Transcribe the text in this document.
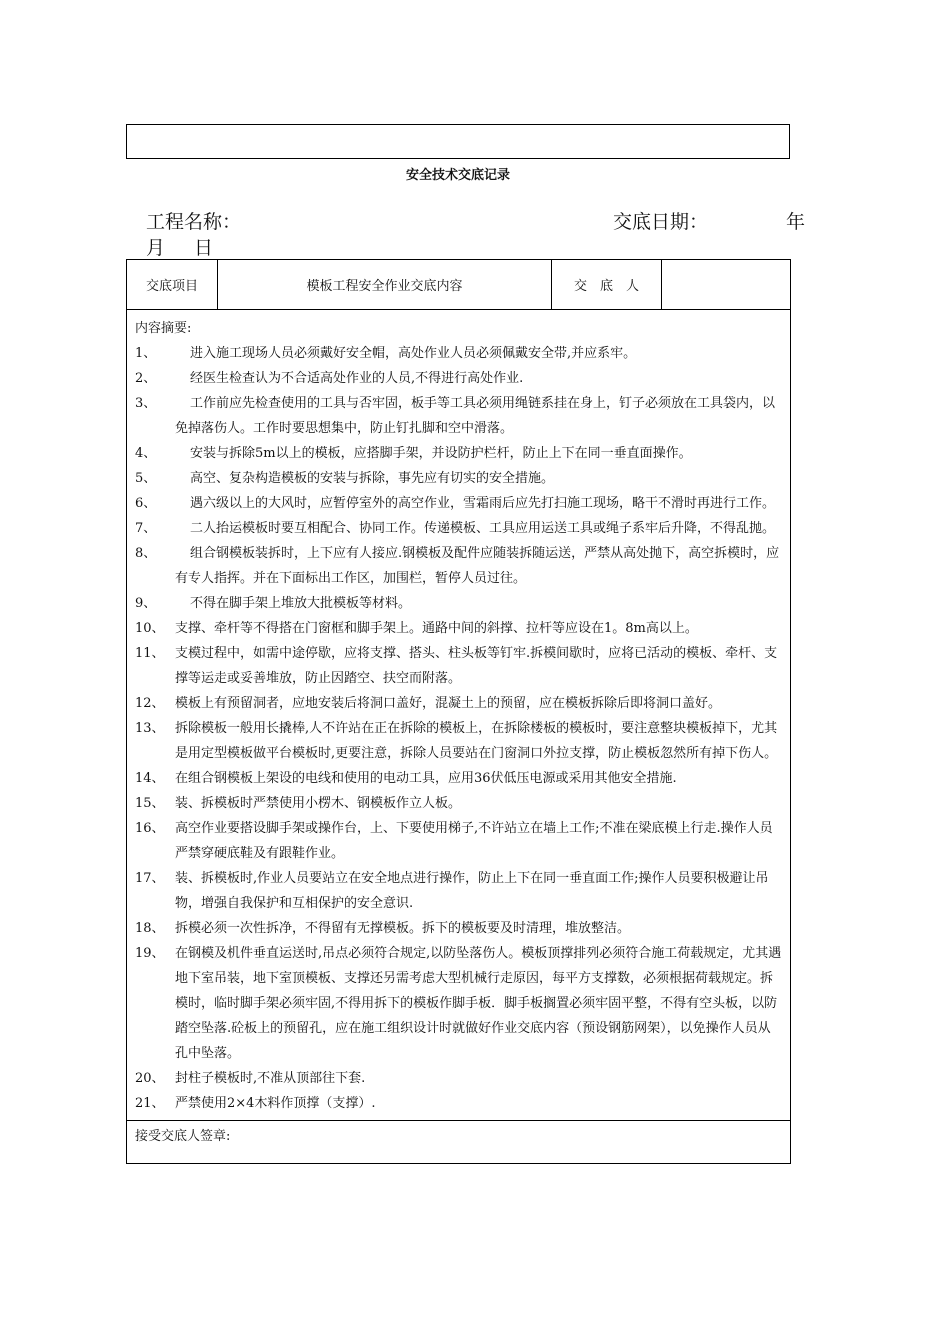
安全技术交底记录
工程名称：	交底日期：	年
月 日
交底项目	模板工程安全作业交底内容	交　底　人	

内容摘要:
1、	进入施工现场人员必须戴好安全帽，高处作业人员必须佩戴安全带,并应系牢。
2、	经医生检查认为不合适高处作业的人员,不得进行高处作业.
3、	工作前应先检查使用的工具与否牢固，板手等工具必须用绳链系挂在身上，钉子必须放在工具袋内，以免掉落伤人。工作时要思想集中，防止钉扎脚和空中滑落。
4、	安装与拆除5m以上的模板，应搭脚手架，并设防护栏杆，防止上下在同一垂直面操作。
5、	高空、复杂构造模板的安装与拆除，事先应有切实的安全措施。
6、	遇六级以上的大风时，应暂停室外的高空作业，雪霜雨后应先打扫施工现场，略干不滑时再进行工作。
7、	二人抬运模板时要互相配合、协同工作。传递模板、工具应用运送工具或绳子系牢后升降，不得乱抛。
8、	组合钢模板装拆时，上下应有人接应.钢模板及配件应随装拆随运送，严禁从高处抛下，高空拆模时，应有专人指挥。并在下面标出工作区，加围栏，暂停人员过往。
9、	不得在脚手架上堆放大批模板等材料。
10、 支撑、牵杆等不得搭在门窗框和脚手架上。通路中间的斜撑、拉杆等应设在1。8m高以上。
11、 支模过程中，如需中途停歇，应将支撑、搭头、柱头板等钉牢.拆模间歇时，应将已活动的模板、牵杆、支撑等运走或妥善堆放，防止因踏空、扶空而附落。
12、 模板上有预留洞者，应地安装后将洞口盖好，混凝土上的预留，应在模板拆除后即将洞口盖好。
13、 拆除模板一般用长撬棒,人不许站在正在拆除的模板上，在拆除楼板的模板时，要注意整块模板掉下，尤其是用定型模板做平台模板时,更要注意，拆除人员要站在门窗洞口外拉支撑，防止模板忽然所有掉下伤人。
14、 在组合钢模板上架设的电线和使用的电动工具，应用36伏低压电源或采用其他安全措施.
15、 装、拆模板时严禁使用小楞木、钢模板作立人板。
16、 高空作业要搭设脚手架或操作台，上、下要使用梯子,不许站立在墙上工作;不准在梁底模上行走.操作人员严禁穿硬底鞋及有跟鞋作业。
17、 装、拆模板时,作业人员要站立在安全地点进行操作，防止上下在同一垂直面工作;操作人员要积极避让吊物，增强自我保护和互相保护的安全意识.
18、 拆模必须一次性拆净，不得留有无撑模板。拆下的模板要及时清理，堆放整洁。
19、 在钢模及机件垂直运送时,吊点必须符合规定,以防坠落伤人。模板顶撑排列必须符合施工荷载规定，尤其遇地下室吊装，地下室顶模板、支撑还另需考虑大型机械行走原因，每平方支撑数，必须根据荷载规定。拆模时，临时脚手架必须牢固,不得用拆下的模板作脚手板．脚手板搁置必须牢固平整，不得有空头板，以防踏空坠落.砼板上的预留孔，应在施工组织设计时就做好作业交底内容（预设钢筋网架），以免操作人员从孔中坠落。
20、 封柱子模板时,不准从顶部往下套.
21、 严禁使用2×4木料作顶撑（支撑）.

接受交底人签章:
